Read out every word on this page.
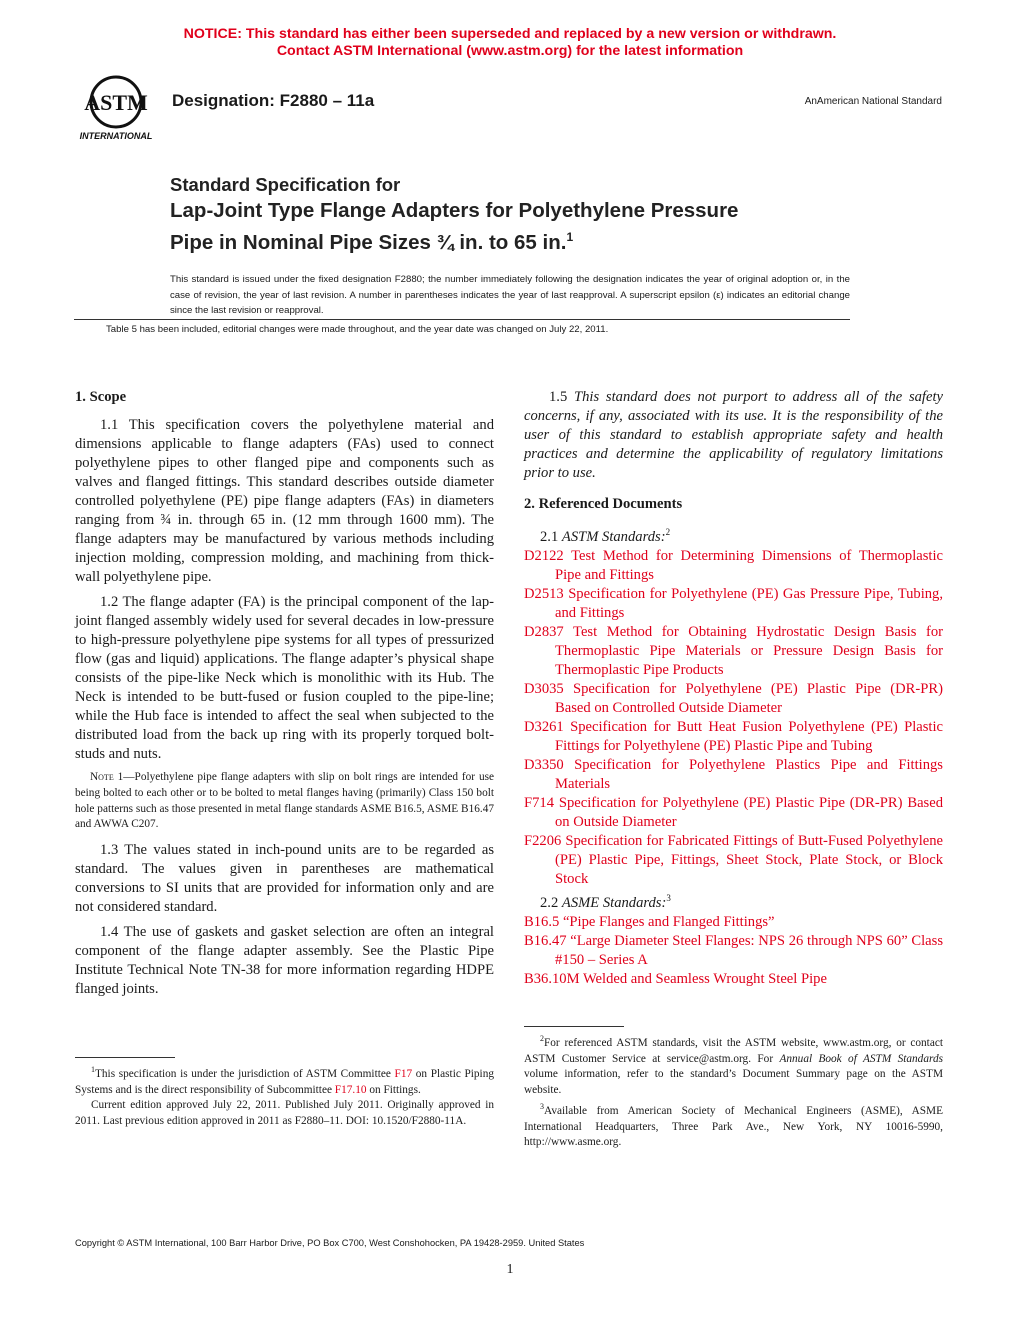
NOTICE: This standard has either been superseded and replaced by a new version or withdrawn.
Contact ASTM International (www.astm.org) for the latest information
ASTM
INTERNATIONAL
Designation: F2880 – 11a	AnAmerican National Standard
Standard Specification for
Lap-Joint Type Flange Adapters for Polyethylene Pressure
Pipe in Nominal Pipe Sizes ¾ in. to 65 in.$^1$
This standard is issued under the fixed designation F2880; the number immediately following the designation indicates the year of original adoption or, in the case of revision, the year of last revision. A number in parentheses indicates the year of last reapproval. A superscript epsilon (ε) indicates an editorial change since the last revision or reapproval.
Table 5 has been included, editorial changes were made throughout, and the year date was changed on July 22, 2011.

1. Scope

1.1 This specification covers the polyethylene material and dimensions applicable to flange adapters (FAs) used to connect polyethylene pipes to other flanged pipe and components such as valves and flanged fittings. This standard describes outside diameter controlled polyethylene (PE) pipe flange adapters (FAs) in diameters ranging from ¾ in. through 65 in. (12 mm through 1600 mm). The flange adapters may be manufactured by various methods including injection molding, compression molding, and machining from thick-wall polyethylene pipe.

1.2 The flange adapter (FA) is the principal component of the lap-joint flanged assembly widely used for several decades in low-pressure to high-pressure polyethylene pipe systems for all types of pressurized flow (gas and liquid) applications. The flange adapter’s physical shape consists of the pipe-like Neck which is monolithic with its Hub. The Neck is intended to be butt-fused or fusion coupled to the pipe-line; while the Hub face is intended to affect the seal when subjected to the distributed load from the back up ring with its properly torqued bolt-studs and nuts.

Note 1—Polyethylene pipe flange adapters with slip on bolt rings are intended for use being bolted to each other or to be bolted to metal flanges having (primarily) Class 150 bolt hole patterns such as those presented in metal flange standards ASME B16.5, ASME B16.47 and AWWA C207.

1.3 The values stated in inch-pound units are to be regarded as standard. The values given in parentheses are mathematical conversions to SI units that are provided for information only and are not considered standard.

1.4 The use of gaskets and gasket selection are often an integral component of the flange adapter assembly. See the Plastic Pipe Institute Technical Note TN-38 for more information regarding HDPE flanged joints.

1.5 This standard does not purport to address all of the safety concerns, if any, associated with its use. It is the responsibility of the user of this standard to establish appropriate safety and health practices and determine the applicability of regulatory limitations prior to use.

2. Referenced Documents

2.1 ASTM Standards:$^2$

D2122 Test Method for Determining Dimensions of Thermoplastic Pipe and Fittings

D2513 Specification for Polyethylene (PE) Gas Pressure Pipe, Tubing, and Fittings

D2837 Test Method for Obtaining Hydrostatic Design Basis for Thermoplastic Pipe Materials or Pressure Design Basis for Thermoplastic Pipe Products

D3035 Specification for Polyethylene (PE) Plastic Pipe (DR-PR) Based on Controlled Outside Diameter

D3261 Specification for Butt Heat Fusion Polyethylene (PE) Plastic Fittings for Polyethylene (PE) Plastic Pipe and Tubing

D3350 Specification for Polyethylene Plastics Pipe and Fittings Materials

F714 Specification for Polyethylene (PE) Plastic Pipe (DR-PR) Based on Outside Diameter

F2206 Specification for Fabricated Fittings of Butt-Fused Polyethylene (PE) Plastic Pipe, Fittings, Sheet Stock, Plate Stock, or Block Stock

2.2 ASME Standards:$^3$

B16.5 “Pipe Flanges and Flanged Fittings”

B16.47 “Large Diameter Steel Flanges: NPS 26 through NPS 60” Class #150 – Series A

B36.10M Welded and Seamless Wrought Steel Pipe

$^1$This specification is under the jurisdiction of ASTM Committee F17 on Plastic Piping Systems and is the direct responsibility of Subcommittee F17.10 on Fittings.

Current edition approved July 22, 2011. Published July 2011. Originally approved in 2011. Last previous edition approved in 2011 as F2880–11. DOI: 10.1520/F2880-11A.

$^2$For referenced ASTM standards, visit the ASTM website, www.astm.org, or contact ASTM Customer Service at service@astm.org. For Annual Book of ASTM Standards volume information, refer to the standard’s Document Summary page on the ASTM website.

$^3$Available from American Society of Mechanical Engineers (ASME), ASME International Headquarters, Three Park Ave., New York, NY 10016-5990, http://www.asme.org.

Copyright © ASTM International, 100 Barr Harbor Drive, PO Box C700, West Conshohocken, PA 19428-2959. United States
1
